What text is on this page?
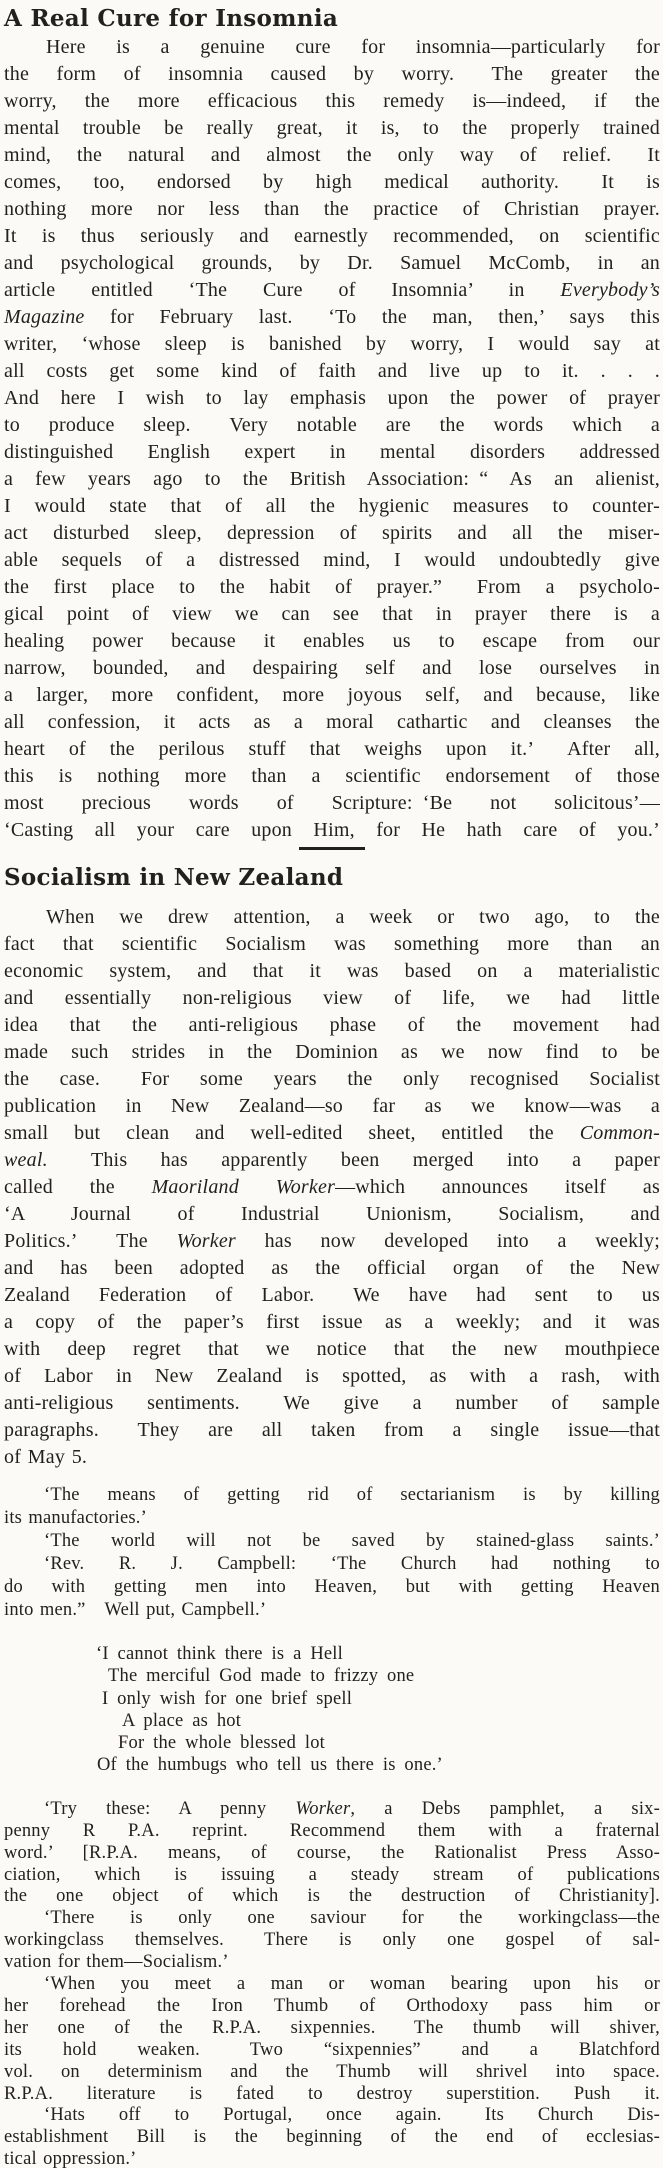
A Real Cure for Insomnia
Here is a genuine cure for insomnia—particularly for
the form of insomnia caused by worry.  The greater the
worry, the more efficacious this remedy is—indeed, if the
mental trouble be really great, it is, to the properly trained
mind, the natural and almost the only way of relief.  It
comes, too, endorsed by high medical authority.  It is
nothing more nor less than the practice of Christian prayer.
It is thus seriously and earnestly recommended, on scientific
and psychological grounds, by Dr. Samuel McComb, in an
article entitled ‘The Cure of Insomnia’ in Everybody’s
Magazine for February last.  ‘To the man, then,’ says this
writer, ‘whose sleep is banished by worry, I would say at
all costs get some kind of faith and live up to it. . . .
And here I wish to lay emphasis upon the power of prayer
to produce sleep.  Very notable are the words which a
distinguished English expert in mental disorders addressed
a few years ago to the British Association: “ As an alienist,
I would state that of all the hygienic measures to counter-
act disturbed sleep, depression of spirits and all the miser-
able sequels of a distressed mind, I would undoubtedly give
the first place to the habit of prayer.”  From a psycholo-
gical point of view we can see that in prayer there is a
healing power because it enables us to escape from our
narrow, bounded, and despairing self and lose ourselves in
a larger, more confident, more joyous self, and because, like
all confession, it acts as a moral cathartic and cleanses the
heart of the perilous stuff that weighs upon it.’  After all,
this is nothing more than a scientific endorsement of those
most precious words of Scripture: ‘Be not solicitous’—
‘Casting all your care upon Him, for He hath care of you.’
Socialism in New Zealand
When we drew attention, a week or two ago, to the
fact that scientific Socialism was something more than an
economic system, and that it was based on a materialistic
and essentially non-religious view of life, we had little
idea that the anti-religious phase of the movement had
made such strides in the Dominion as we now find to be
the case.  For some years the only recognised Socialist
publication in New Zealand—so far as we know—was a
small but clean and well-edited sheet, entitled the Common-
weal.  This has apparently been merged into a paper
called the Maoriland Worker—which announces itself as
‘A Journal of Industrial Unionism, Socialism, and
Politics.’  The Worker has now developed into a weekly;
and has been adopted as the official organ of the New
Zealand Federation of Labor.  We have had sent to us
a copy of the paper’s first issue as a weekly; and it was
with deep regret that we notice that the new mouthpiece
of Labor in New Zealand is spotted, as with a rash, with
anti-religious sentiments.  We give a number of sample
paragraphs.  They are all taken from a single issue—that
of May 5.
‘The means of getting rid of sectarianism is by killing
its manufactories.’
‘The world will not be saved by stained-glass saints.’
‘Rev. R. J. Campbell: ‘The Church had nothing to
do with getting men into Heaven, but with getting Heaven
into men.”  Well put, Campbell.’
‘I cannot think there is a Hell
The merciful God made to frizzy one
I only wish for one brief spell
A place as hot
For the whole blessed lot
Of the humbugs who tell us there is one.’
‘Try these: A penny Worker, a Debs pamphlet, a six-
penny R P.A. reprint.  Recommend them with a fraternal
word.’ [R.P.A. means, of course, the Rationalist Press Asso-
ciation, which is issuing a steady stream of publications
the one object of which is the destruction of Christianity].
‘There is only one saviour for the workingclass—the
workingclass themselves.  There is only one gospel of sal-
vation for them—Socialism.’
‘When you meet a man or woman bearing upon his or
her forehead the Iron Thumb of Orthodoxy pass him or
her one of the R.P.A. sixpennies.  The thumb will shiver,
its hold weaken.  Two “sixpennies” and a Blatchford
vol. on determinism and the Thumb will shrivel into space.
R.P.A. literature is fated to destroy superstition. Push it.
‘Hats off to Portugal, once again.  Its Church Dis-
establishment Bill is the beginning of the end of ecclesias-
tical oppression.’
